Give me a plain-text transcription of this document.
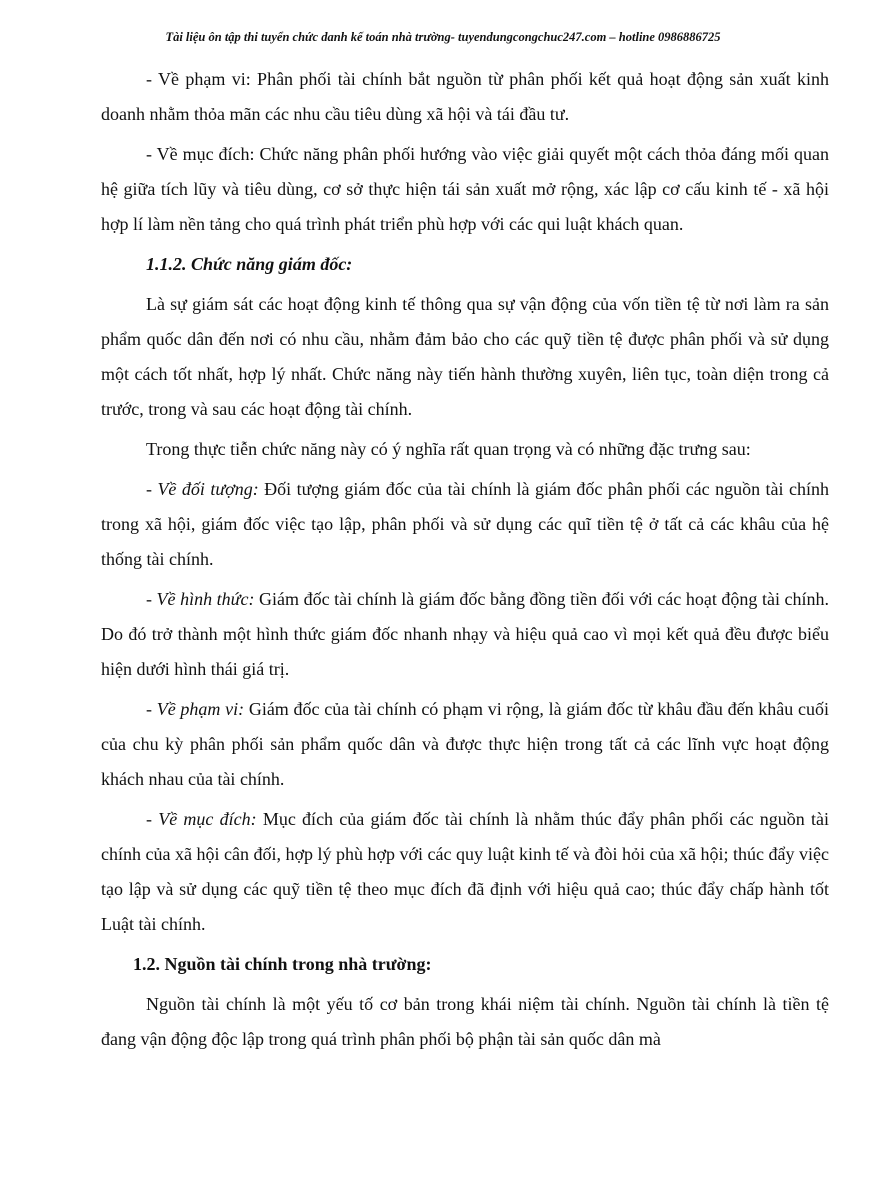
Tài liệu ôn tập thi tuyển chức danh kế toán nhà trường- tuyendungcongchuc247.com – hotline 0986886725

- Về phạm vi: Phân phối tài chính bắt nguồn từ phân phối kết quả hoạt động sản xuất kinh doanh nhằm thỏa mãn các nhu cầu tiêu dùng xã hội và tái đầu tư.

- Về mục đích: Chức năng phân phối hướng vào việc giải quyết một cách thỏa đáng mối quan hệ giữa tích lũy và tiêu dùng, cơ sở thực hiện tái sản xuất mở rộng, xác lập cơ cấu kinh tế - xã hội hợp lí làm nền tảng cho quá trình phát triển phù hợp với các qui luật khách quan.

1.1.2. Chức năng giám đốc:

Là sự giám sát các hoạt động kinh tế thông qua sự vận động của vốn tiền tệ từ nơi làm ra sản phẩm quốc dân đến nơi có nhu cầu, nhằm đảm bảo cho các quỹ tiền tệ được phân phối và sử dụng một cách tốt nhất, hợp lý nhất. Chức năng này tiến hành thường xuyên, liên tục, toàn diện trong cả trước, trong và sau các hoạt động tài chính.

Trong thực tiễn chức năng này có ý nghĩa rất quan trọng và có những đặc trưng sau:

- Về đối tượng: Đối tượng giám đốc của tài chính là giám đốc phân phối các nguồn tài chính trong xã hội, giám đốc việc tạo lập, phân phối và sử dụng các quĩ tiền tệ ở tất cả các khâu của hệ thống tài chính.

- Về hình thức: Giám đốc tài chính là giám đốc bằng đồng tiền đối với các hoạt động tài chính. Do đó trở thành một hình thức giám đốc nhanh nhạy và hiệu quả cao vì mọi kết quả đều được biểu hiện dưới hình thái giá trị.

- Về phạm vi: Giám đốc của tài chính có phạm vi rộng, là giám đốc từ khâu đầu đến khâu cuối của chu kỳ phân phối sản phẩm quốc dân và được thực hiện trong tất cả các lĩnh vực hoạt động khách nhau của tài chính.

- Về mục đích: Mục đích của giám đốc tài chính là nhằm thúc đẩy phân phối các nguồn tài chính của xã hội cân đối, hợp lý phù hợp với các quy luật kinh tế và đòi hỏi của xã hội; thúc đẩy việc tạo lập và sử dụng các quỹ tiền tệ theo mục đích đã định với hiệu quả cao; thúc đẩy chấp hành tốt Luật tài chính.

1.2. Nguồn tài chính trong nhà trường:

Nguồn tài chính là một yếu tố cơ bản trong khái niệm tài chính. Nguồn tài chính là tiền tệ đang vận động độc lập trong quá trình phân phối bộ phận tài sản quốc dân mà
